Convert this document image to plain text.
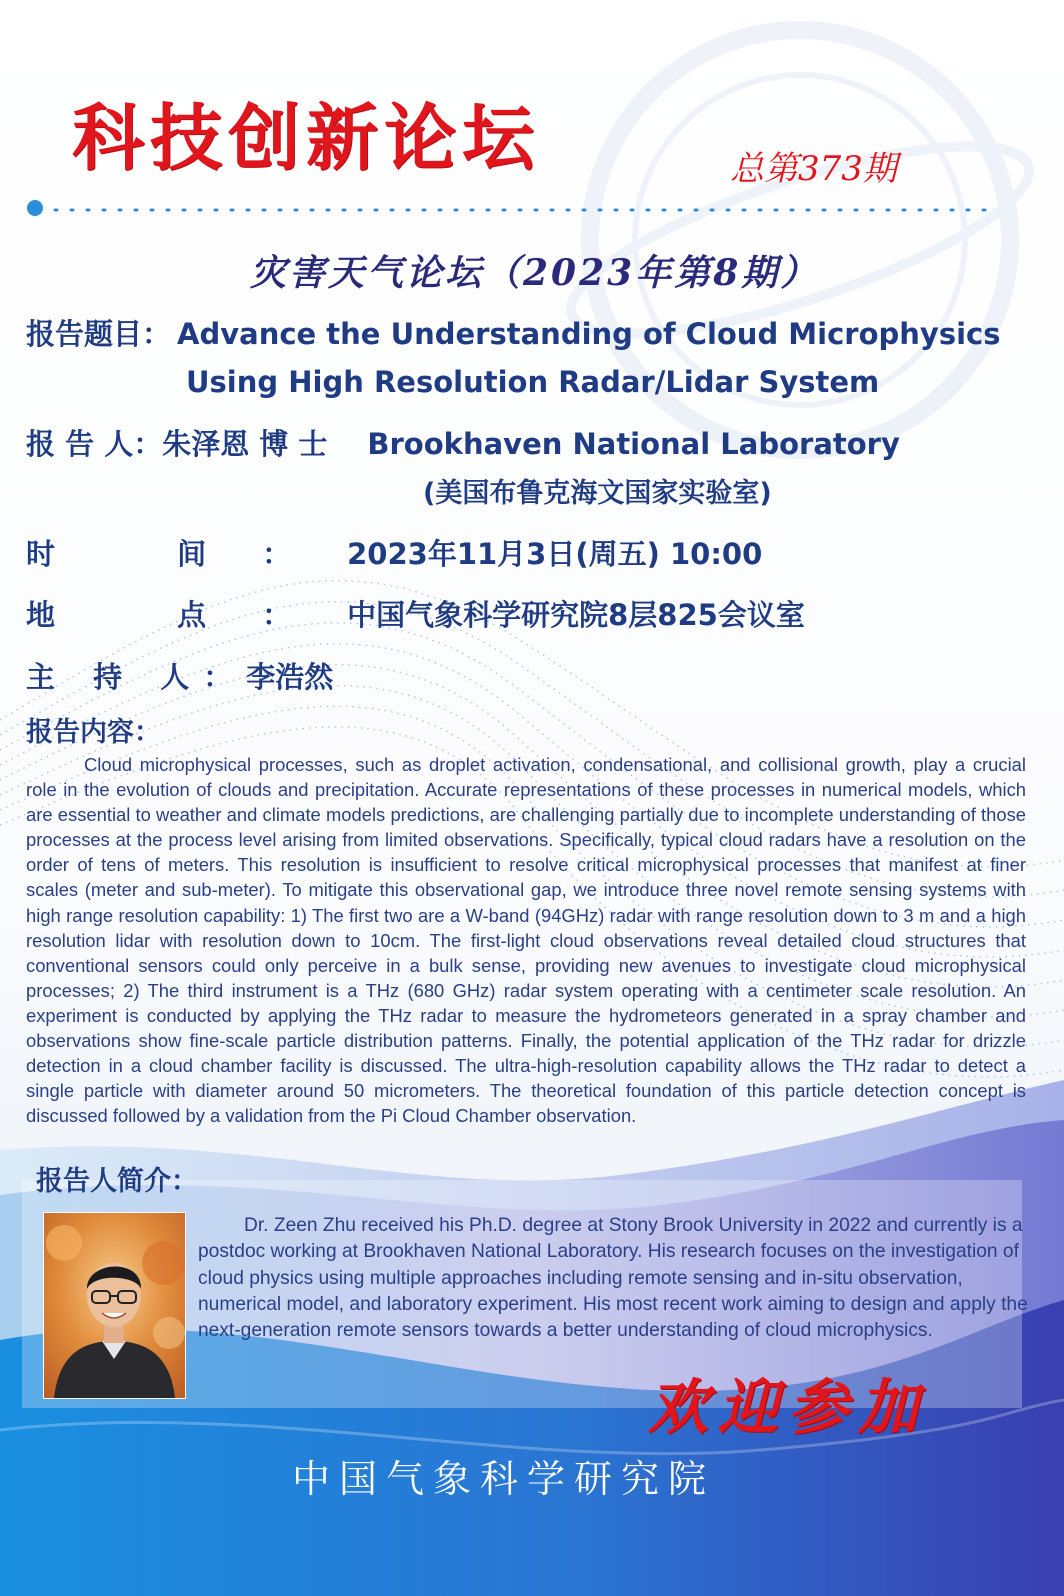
科技创新论坛	总第373期
灾害天气论坛（2023年第8期）
报告题目： Advance the Understanding of Cloud Microphysics
Using High Resolution Radar/Lidar System
报 告 人：朱泽恩 博 士 Brookhaven National Laboratory
(美国布鲁克海文国家实验室)
时 间：2023年11月3日(周五) 10:00
地 点：中国气象科学研究院8层825会议室
主 持 人：李浩然
报告内容：
Cloud microphysical processes, such as droplet activation, condensational, and collisional growth, play a crucial role in the evolution of clouds and precipitation. Accurate representations of these processes in numerical models, which are essential to weather and climate models predictions, are challenging partially due to incomplete understanding of those processes at the process level arising from limited observations. Specifically, typical cloud radars have a resolution on the order of tens of meters. This resolution is insufficient to resolve critical microphysical processes that manifest at finer scales (meter and sub-meter). To mitigate this observational gap, we introduce three novel remote sensing systems with high range resolution capability: 1) The first two are a W-band (94GHz) radar with range resolution down to 3 m and a high resolution lidar with resolution down to 10cm. The first-light cloud observations reveal detailed cloud structures that conventional sensors could only perceive in a bulk sense, providing new avenues to investigate cloud microphysical processes; 2) The third instrument is a THz (680 GHz) radar system operating with a centimeter scale resolution. An experiment is conducted by applying the THz radar to measure the hydrometeors generated in a spray chamber and observations show fine-scale particle distribution patterns. Finally, the potential application of the THz radar for drizzle detection in a cloud chamber facility is discussed. The ultra-high-resolution capability allows the THz radar to detect a single particle with diameter around 50 micrometers. The theoretical foundation of this particle detection concept is discussed followed by a validation from the Pi Cloud Chamber observation.
报告人简介：
Dr. Zeen Zhu received his Ph.D. degree at Stony Brook University in 2022 and currently is a postdoc working at Brookhaven National Laboratory. His research focuses on the investigation of cloud physics using multiple approaches including remote sensing and in-situ observation, numerical model, and laboratory experiment. His most recent work aiming to design and apply the next-generation remote sensors towards a better understanding of cloud microphysics.
欢迎参加
中国气象科学研究院
